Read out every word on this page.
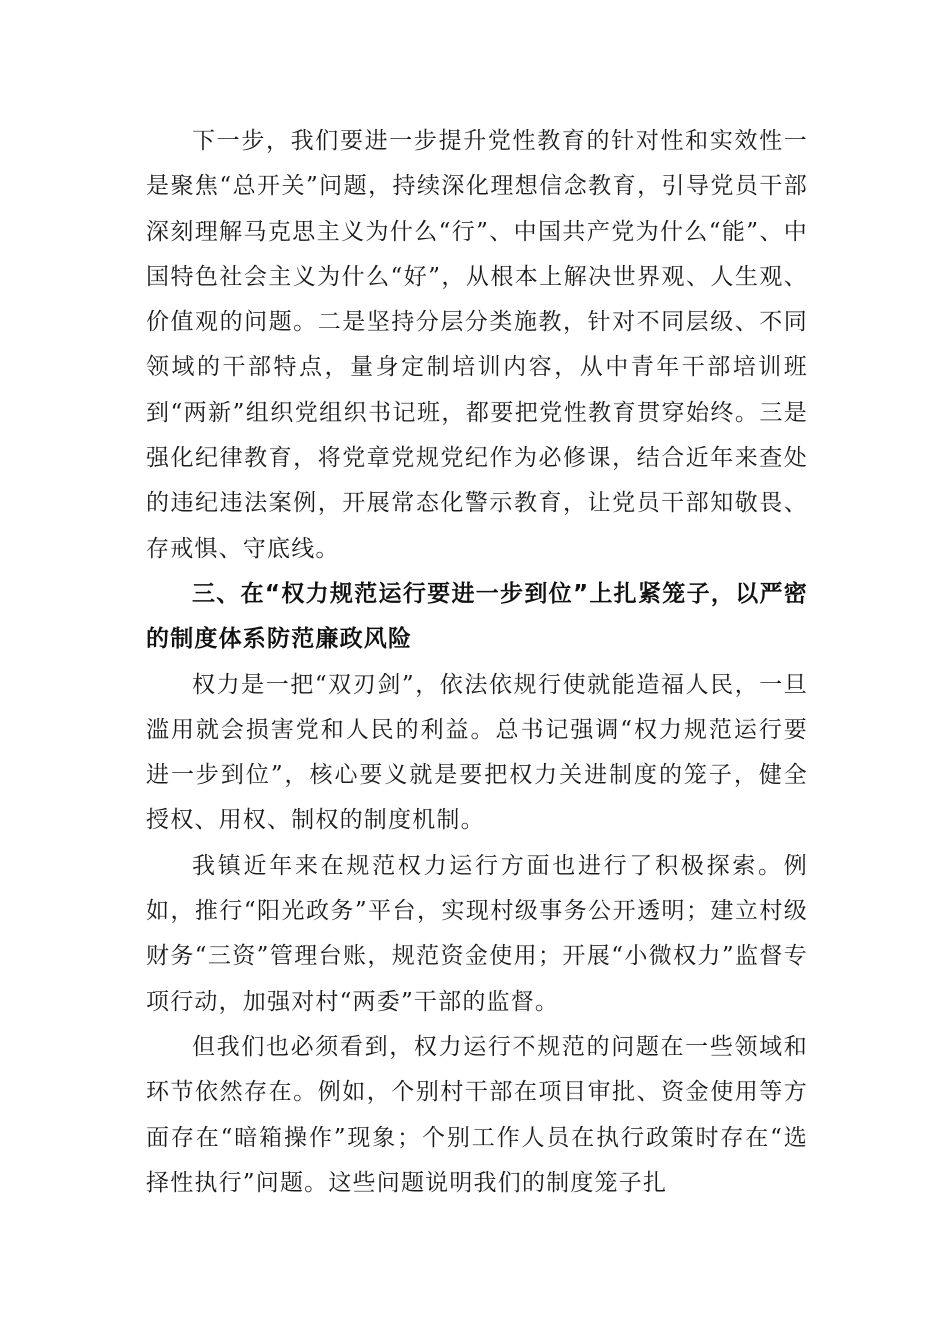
下一步，我们要进一步提升党性教育的针对性和实效性一是聚焦“总开关”问题，持续深化理想信念教育，引导党员干部深刻理解马克思主义为什么“行”、中国共产党为什么“能”、中国特色社会主义为什么“好”，从根本上解决世界观、人生观、价值观的问题。二是坚持分层分类施教，针对不同层级、不同领域的干部特点，量身定制培训内容，从中青年干部培训班到“两新”组织党组织书记班，都要把党性教育贯穿始终。三是强化纪律教育，将党章党规党纪作为必修课，结合近年来查处的违纪违法案例，开展常态化警示教育，让党员干部知敬畏、存戒惧、守底线。

三、在“权力规范运行要进一步到位”上扎紧笼子，以严密的制度体系防范廉政风险

权力是一把“双刃剑”，依法依规行使就能造福人民，一旦滥用就会损害党和人民的利益。总书记强调“权力规范运行要进一步到位”，核心要义就是要把权力关进制度的笼子，健全授权、用权、制权的制度机制。

我镇近年来在规范权力运行方面也进行了积极探索。例如，推行“阳光政务”平台，实现村级事务公开透明；建立村级财务“三资”管理台账，规范资金使用；开展“小微权力”监督专项行动，加强对村“两委”干部的监督。

但我们也必须看到，权力运行不规范的问题在一些领域和环节依然存在。例如，个别村干部在项目审批、资金使用等方面存在“暗箱操作”现象；个别工作人员在执行政策时存在“选择性执行”问题。这些问题说明我们的制度笼子扎
